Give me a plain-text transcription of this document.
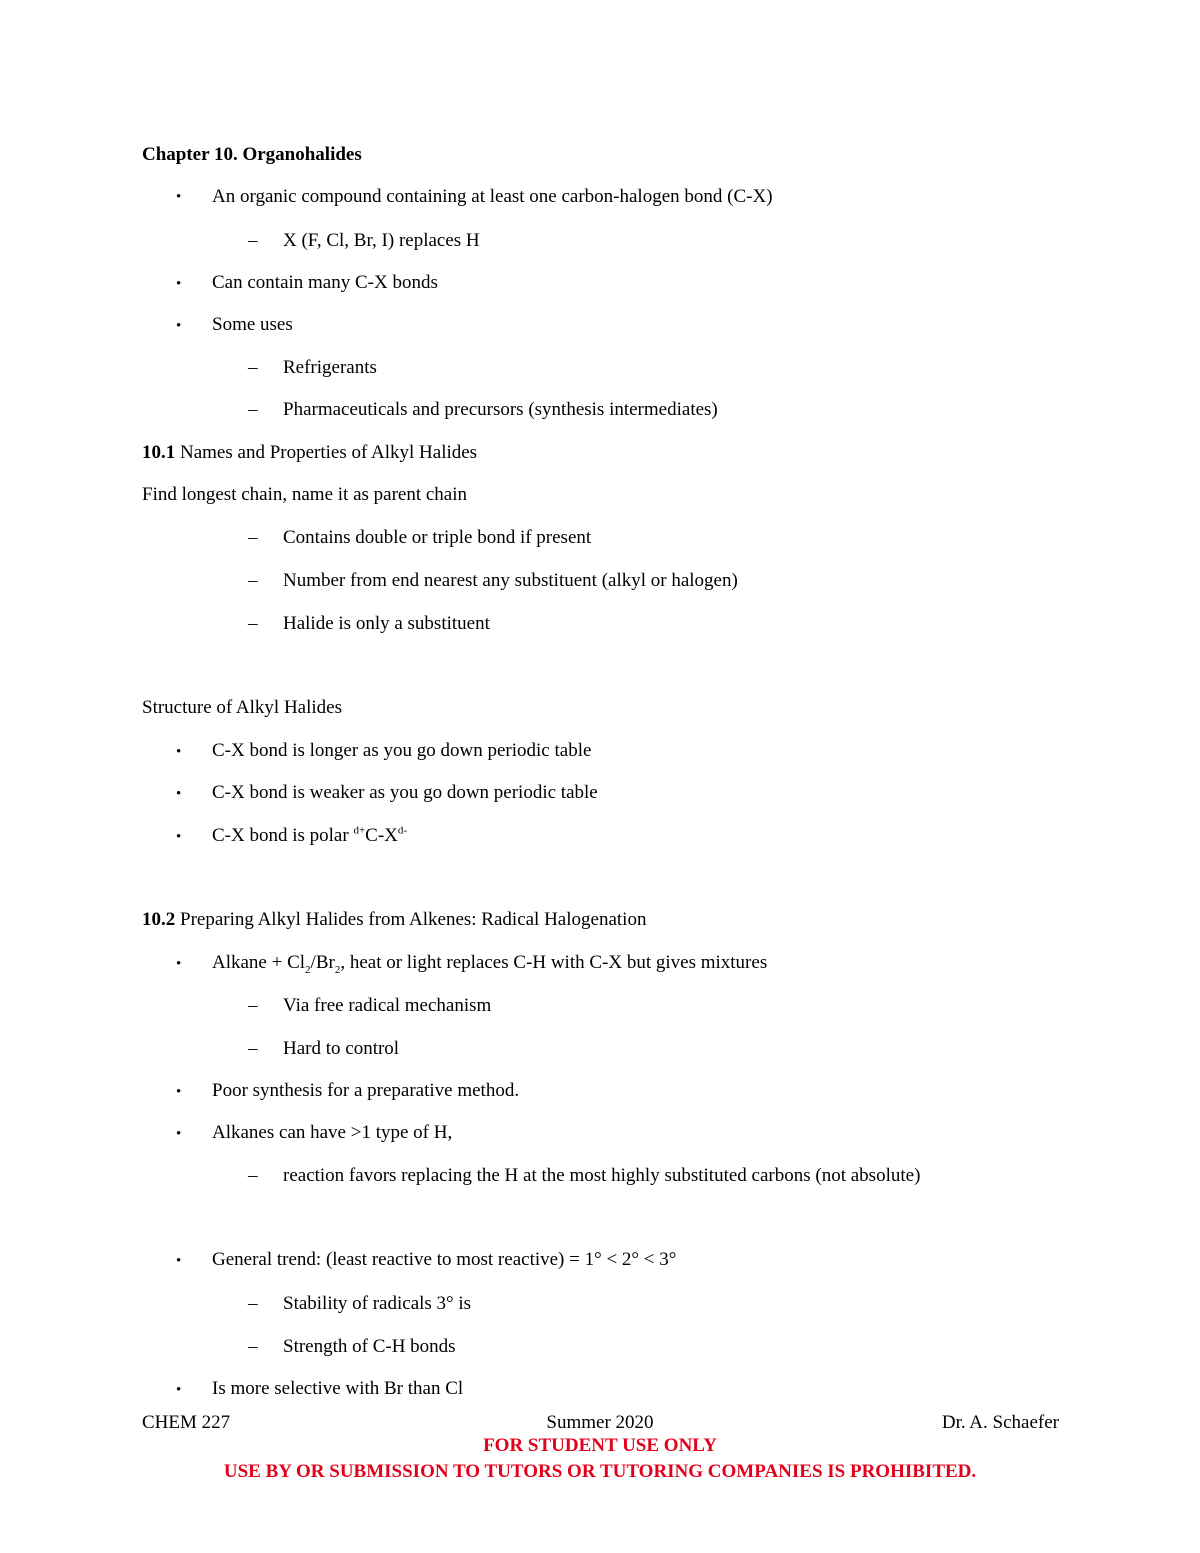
Chapter 10. Organohalides
• An organic compound containing at least one carbon-halogen bond (C-X)
– X (F, Cl, Br, I) replaces H
• Can contain many C-X bonds
• Some uses
– Refrigerants
– Pharmaceuticals and precursors (synthesis intermediates)
10.1 Names and Properties of Alkyl Halides
Find longest chain, name it as parent chain
– Contains double or triple bond if present
– Number from end nearest any substituent (alkyl or halogen)
– Halide is only a substituent
Structure of Alkyl Halides
• C-X bond is longer as you go down periodic table
• C-X bond is weaker as you go down periodic table
• C-X bond is polar $^{d+}C-X^{d-}$
10.2 Preparing Alkyl Halides from Alkenes: Radical Halogenation
• Alkane + $Cl_2/Br_2$, heat or light replaces C-H with C-X but gives mixtures
– Via free radical mechanism
– Hard to control
• Poor synthesis for a preparative method.
• Alkanes can have >1 type of H,
– reaction favors replacing the H at the most highly substituted carbons (not absolute)
• General trend: (least reactive to most reactive) = 1° < 2° < 3°
– Stability of radicals 3° is
– Strength of C-H bonds
• Is more selective with Br than Cl
CHEM 227	Summer 2020	Dr. A. Schaefer
FOR STUDENT USE ONLY
USE BY OR SUBMISSION TO TUTORS OR TUTORING COMPANIES IS PROHIBITED.
